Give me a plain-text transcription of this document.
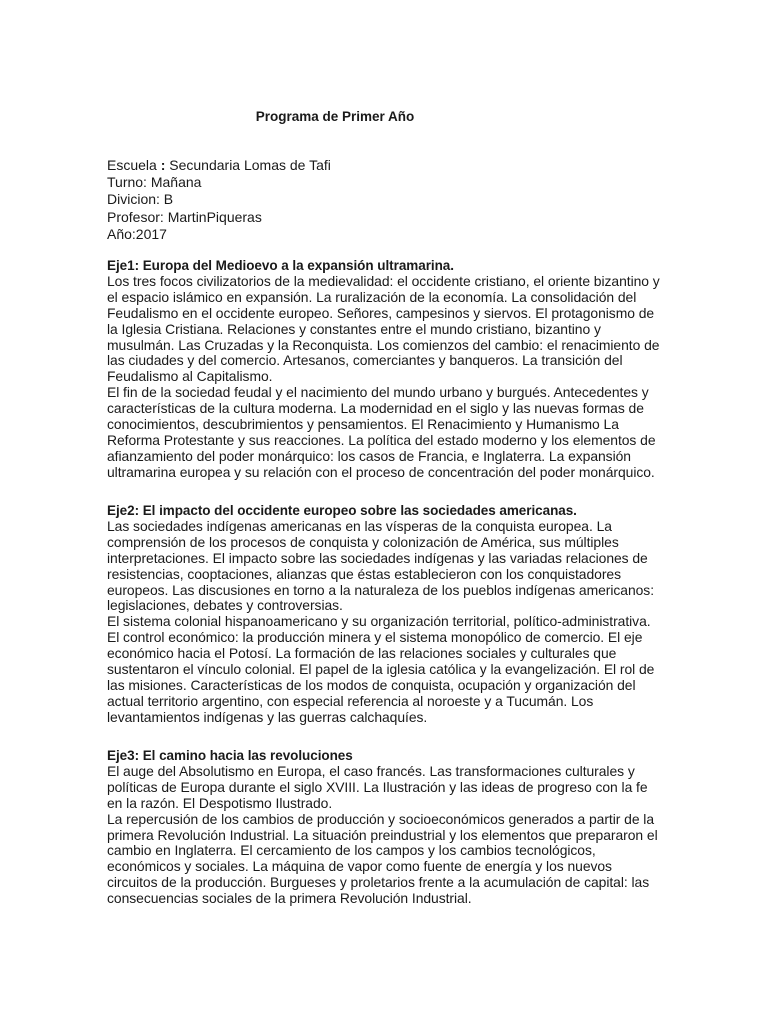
Programa de Primer Año
Escuela : Secundaria Lomas de Tafi
Turno: Mañana
Divicion: B
Profesor: MartinPiqueras
Año:2017
Eje1: Europa del Medioevo a la expansión ultramarina.

Los tres focos civilizatorios de la medievalidad: el occidente cristiano, el oriente bizantino y el espacio islámico en expansión. La ruralización de la economía. La consolidación del Feudalismo en el occidente europeo. Señores, campesinos y siervos. El protagonismo de la Iglesia Cristiana. Relaciones y constantes entre el mundo cristiano, bizantino y musulmán. Las Cruzadas y la Reconquista. Los comienzos del cambio: el renacimiento de las ciudades y del comercio. Artesanos, comerciantes y banqueros. La transición del Feudalismo al Capitalismo.

El fin de la sociedad feudal y el nacimiento del mundo urbano y burgués. Antecedentes y características de la cultura moderna. La modernidad en el siglo y las nuevas formas de conocimientos, descubrimientos y pensamientos. El Renacimiento y Humanismo La Reforma Protestante y sus reacciones. La política del estado moderno y los elementos de afianzamiento del poder monárquico: los casos de Francia, e Inglaterra. La expansión ultramarina europea y su relación con el proceso de concentración del poder monárquico.

Eje2: El impacto del occidente europeo sobre las sociedades americanas.

Las sociedades indígenas americanas en las vísperas de la conquista europea. La comprensión de los procesos de conquista y colonización de América, sus múltiples interpretaciones. El impacto sobre las sociedades indígenas y las variadas relaciones de resistencias, cooptaciones, alianzas que éstas establecieron con los conquistadores europeos. Las discusiones en torno a la naturaleza de los pueblos indígenas americanos: legislaciones, debates y controversias.

El sistema colonial hispanoamericano y su organización territorial, político-administrativa. El control económico: la producción minera y el sistema monopólico de comercio. El eje económico hacia el Potosí. La formación de las relaciones sociales y culturales que sustentaron el vínculo colonial. El papel de la iglesia católica y la evangelización. El rol de las misiones. Características de los modos de conquista, ocupación y organización del actual territorio argentino, con especial referencia al noroeste y a Tucumán. Los levantamientos indígenas y las guerras calchaquíes.

Eje3: El camino hacia las revoluciones

El auge del Absolutismo en Europa, el caso francés. Las transformaciones culturales y políticas de Europa durante el siglo XVIII. La Ilustración y las ideas de progreso con la fe en la razón. El Despotismo Ilustrado.

La repercusión de los cambios de producción y socioeconómicos generados a partir de la primera Revolución Industrial. La situación preindustrial y los elementos que prepararon el cambio en Inglaterra. El cercamiento de los campos y los cambios tecnológicos, económicos y sociales. La máquina de vapor como fuente de energía y los nuevos circuitos de la producción. Burgueses y proletarios frente a la acumulación de capital: las consecuencias sociales de la primera Revolución Industrial.
